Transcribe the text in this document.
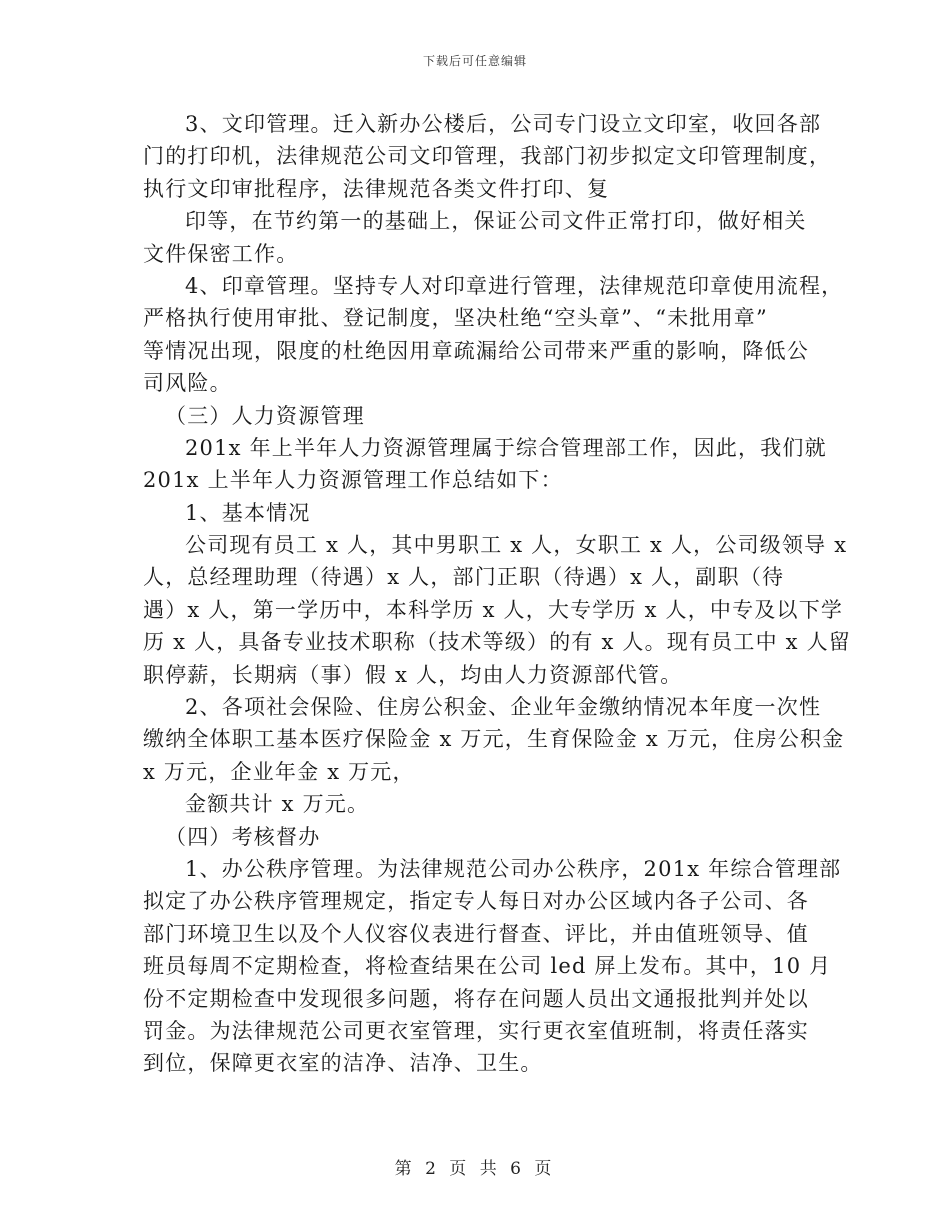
下载后可任意编辑
3、文印管理。迁入新办公楼后，公司专门设立文印室，收回各部
门的打印机，法律规范公司文印管理，我部门初步拟定文印管理制度，
执行文印审批程序，法律规范各类文件打印、复
印等，在节约第一的基础上，保证公司文件正常打印，做好相关
文件保密工作。
4、印章管理。坚持专人对印章进行管理，法律规范印章使用流程，
严格执行使用审批、登记制度，坚决杜绝“空头章”、“未批用章”
等情况出现，限度的杜绝因用章疏漏给公司带来严重的影响，降低公
司风险。
（三）人力资源管理
201x 年上半年人力资源管理属于综合管理部工作，因此，我们就
201x 上半年人力资源管理工作总结如下：
1、基本情况
公司现有员工 x 人，其中男职工 x 人，女职工 x 人，公司级领导 x
人，总经理助理（待遇）x 人，部门正职（待遇）x 人，副职（待
遇）x 人，第一学历中，本科学历 x 人，大专学历 x 人，中专及以下学
历 x 人，具备专业技术职称（技术等级）的有 x 人。现有员工中 x 人留
职停薪，长期病（事）假 x 人，均由人力资源部代管。
2、各项社会保险、住房公积金、企业年金缴纳情况本年度一次性
缴纳全体职工基本医疗保险金 x 万元，生育保险金 x 万元，住房公积金
x 万元，企业年金 x 万元，
金额共计 x 万元。
（四）考核督办
1、办公秩序管理。为法律规范公司办公秩序，201x 年综合管理部
拟定了办公秩序管理规定，指定专人每日对办公区域内各子公司、各
部门环境卫生以及个人仪容仪表进行督查、评比，并由值班领导、值
班员每周不定期检查，将检查结果在公司 led 屏上发布。其中，10 月
份不定期检查中发现很多问题，将存在问题人员出文通报批判并处以
罚金。为法律规范公司更衣室管理，实行更衣室值班制，将责任落实
到位，保障更衣室的洁净、洁净、卫生。
第 2 页 共 6 页
